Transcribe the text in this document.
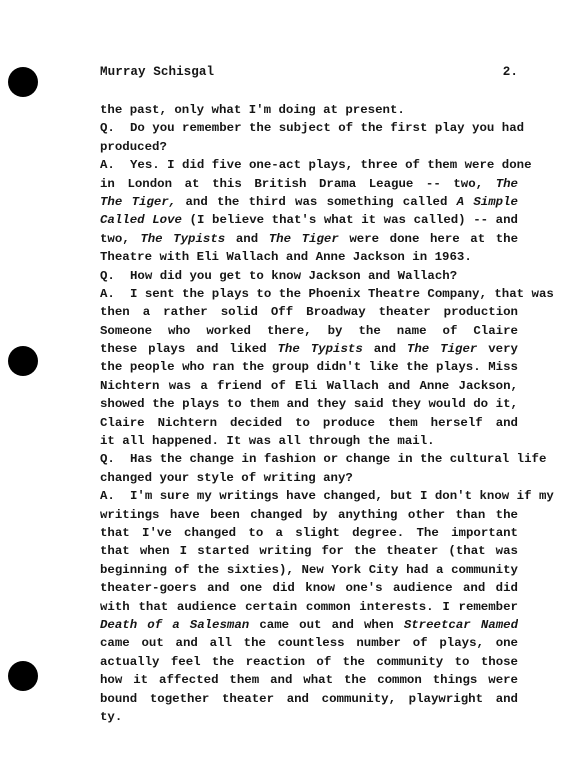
Murray Schisgal	2.
the past, only what I'm doing at present.
Q. Do you remember the subject of the first play you had
produced?
A. Yes. I did five one-act plays, three of them were done
in London at this British Drama League -- two, The
The Tiger, and the third was something called A Simple
Called Love (I believe that's what it was called) -- and
two, The Typists and The Tiger were done here at the
Theatre with Eli Wallach and Anne Jackson in 1963.
Q. How did you get to know Jackson and Wallach?
A. I sent the plays to the Phoenix Theatre Company, that was
then a rather solid Off Broadway theater production
Someone who worked there, by the name of Claire
these plays and liked The Typists and The Tiger very
the people who ran the group didn't like the plays. Miss
Nichtern was a friend of Eli Wallach and Anne Jackson,
showed the plays to them and they said they would do it,
Claire Nichtern decided to produce them herself and
it all happened. It was all through the mail.
Q. Has the change in fashion or change in the cultural life
changed your style of writing any?
A. I'm sure my writings have changed, but I don't know if my
writings have been changed by anything other than the
that I've changed to a slight degree. The important
that when I started writing for the theater (that was
beginning of the sixties), New York City had a community
theater-goers and one did know one's audience and did
with that audience certain common interests. I remember
Death of a Salesman came out and when Streetcar Named
came out and all the countless number of plays, one
actually feel the reaction of the community to those
how it affected them and what the common things were
bound together theater and community, playwright and
ty.
